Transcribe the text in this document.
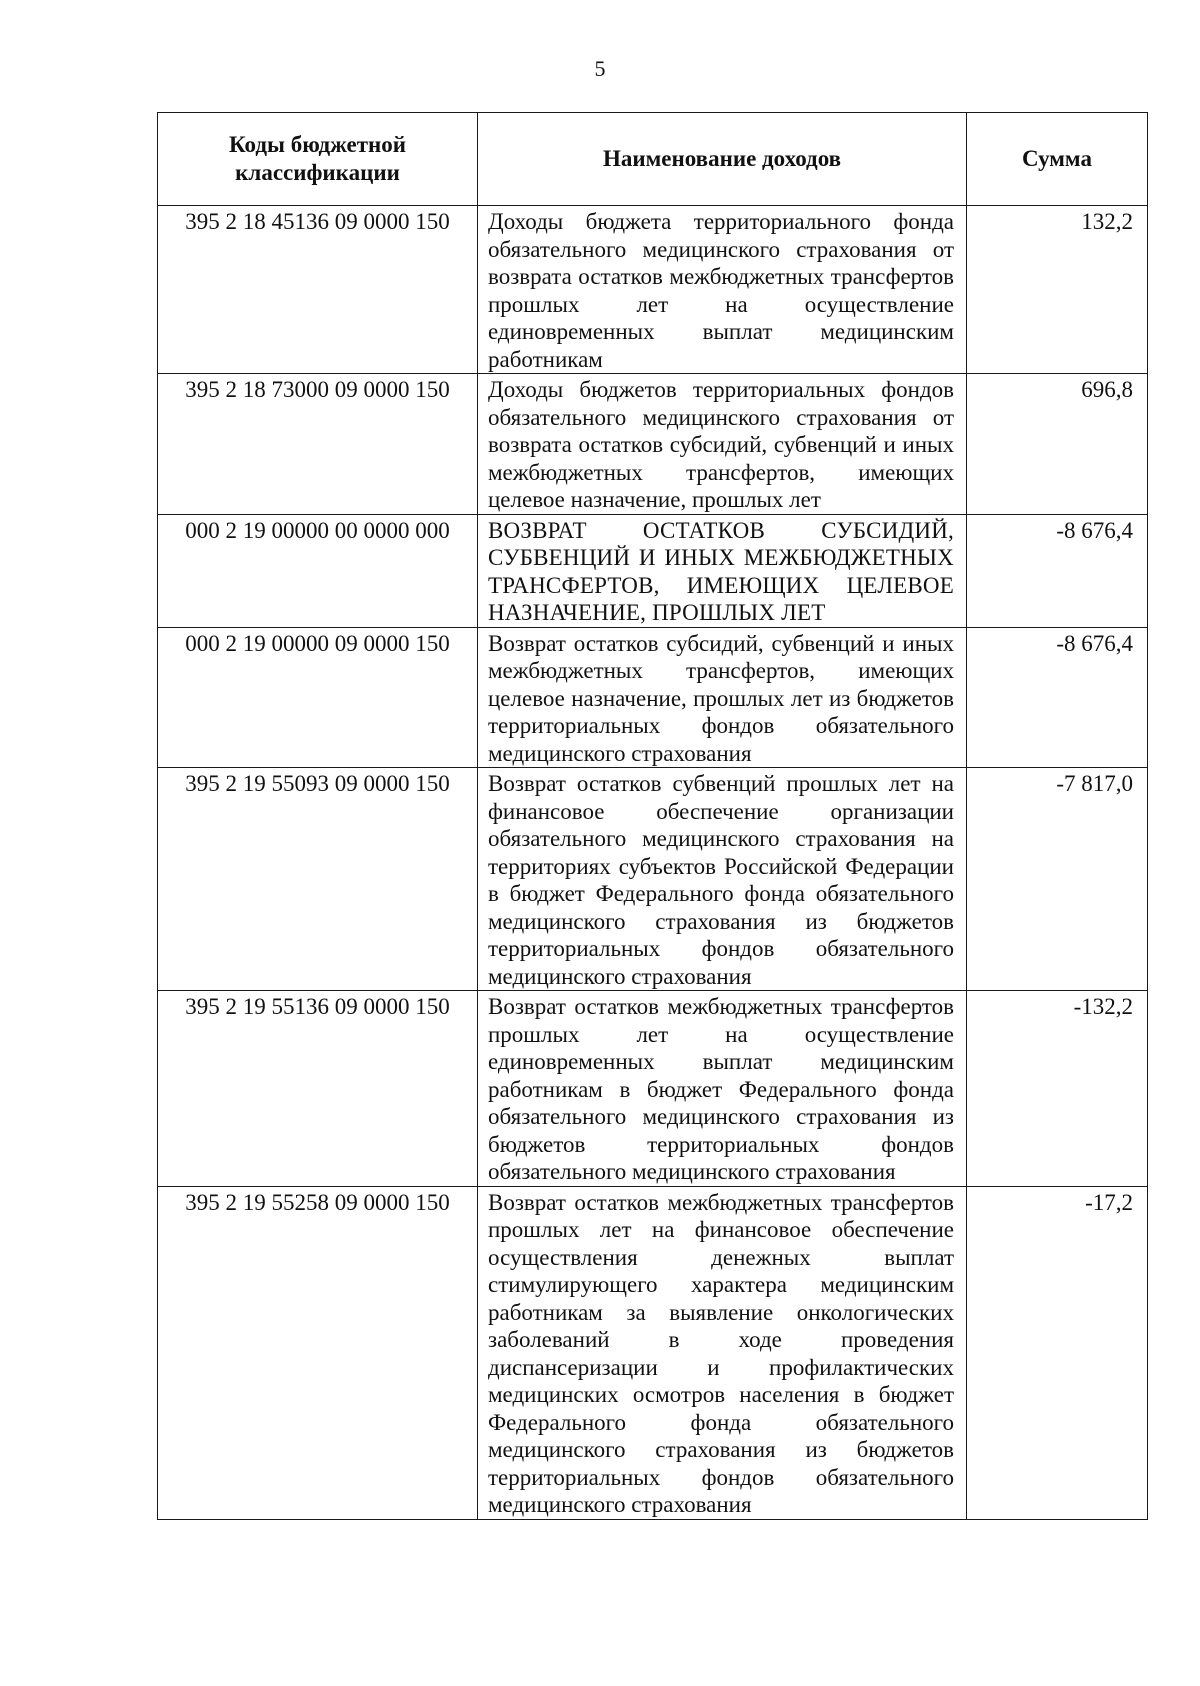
5
Коды бюджетной классификации	Наименование доходов	Сумма
395 2 18 45136 09 0000 150	Доходы бюджета территориального фонда обязательного медицинского страхования от возврата остатков межбюджетных трансфертов прошлых лет на осуществление единовременных выплат медицинским работникам	132,2
395 2 18 73000 09 0000 150	Доходы бюджетов территориальных фондов обязательного медицинского страхования от возврата остатков субсидий, субвенций и иных межбюджетных трансфертов, имеющих целевое назначение, прошлых лет	696,8
000 2 19 00000 00 0000 000	ВОЗВРАТ ОСТАТКОВ СУБСИДИЙ, СУБВЕНЦИЙ И ИНЫХ МЕЖБЮДЖЕТНЫХ ТРАНСФЕРТОВ, ИМЕЮЩИХ ЦЕЛЕВОЕ НАЗНАЧЕНИЕ, ПРОШЛЫХ ЛЕТ	-8 676,4
000 2 19 00000 09 0000 150	Возврат остатков субсидий, субвенций и иных межбюджетных трансфертов, имеющих целевое назначение, прошлых лет из бюджетов территориальных фондов обязательного медицинского страхования	-8 676,4
395 2 19 55093 09 0000 150	Возврат остатков субвенций прошлых лет на финансовое обеспечение организации обязательного медицинского страхования на территориях субъектов Российской Федерации в бюджет Федерального фонда обязательного медицинского страхования из бюджетов территориальных фондов обязательного медицинского страхования	-7 817,0
395 2 19 55136 09 0000 150	Возврат остатков межбюджетных трансфертов прошлых лет на осуществление единовременных выплат медицинским работникам в бюджет Федерального фонда обязательного медицинского страхования из бюджетов территориальных фондов обязательного медицинского страхования	-132,2
395 2 19 55258 09 0000 150	Возврат остатков межбюджетных трансфертов прошлых лет на финансовое обеспечение осуществления денежных выплат стимулирующего характера медицинским работникам за выявление онкологических заболеваний в ходе проведения диспансеризации и профилактических медицинских осмотров населения в бюджет Федерального фонда обязательного медицинского страхования из бюджетов территориальных фондов обязательного медицинского страхования	-17,2
